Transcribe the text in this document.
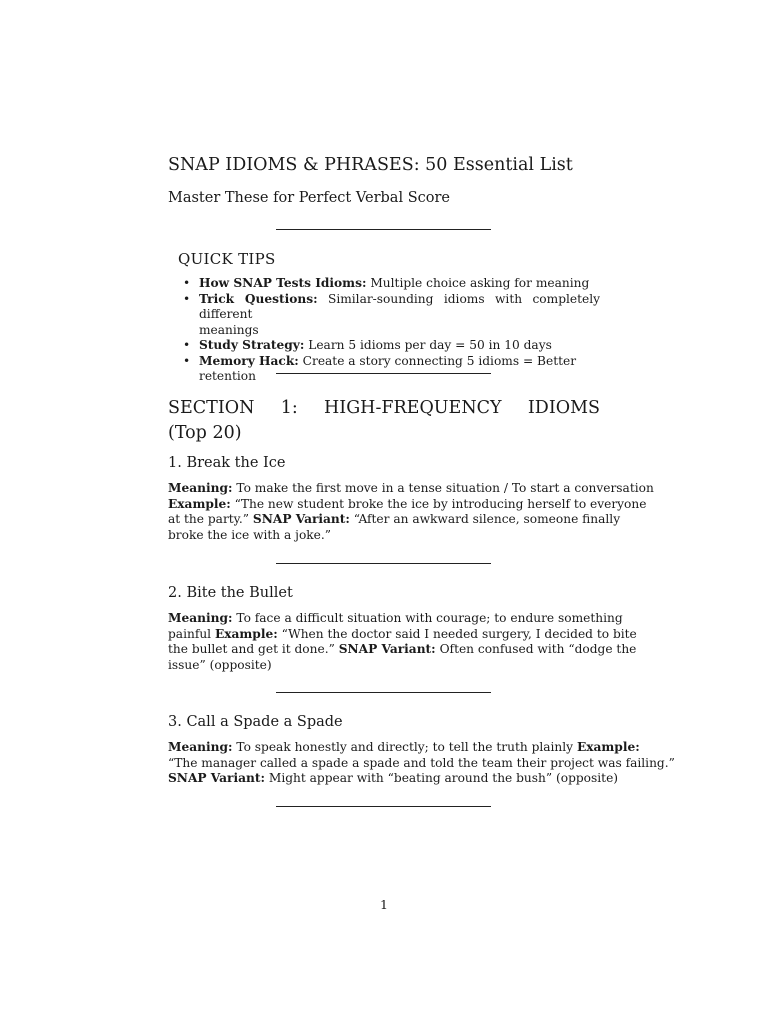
SNAP IDIOMS & PHRASES: 50 Essential List
Master These for Perfect Verbal Score
QUICK TIPS
• How SNAP Tests Idioms: Multiple choice asking for meaning
• Trick Questions: Similar-sounding idioms with completely different
meanings
• Study Strategy: Learn 5 idioms per day = 50 in 10 days
• Memory Hack: Create a story connecting 5 idioms = Better retention
SECTION 1: HIGH-FREQUENCY IDIOMS
(Top 20)
1. Break the Ice
Meaning: To make the first move in a tense situation / To start a conversation
Example: “The new student broke the ice by introducing herself to everyone
at the party.” SNAP Variant: “After an awkward silence, someone finally
broke the ice with a joke.”
2. Bite the Bullet
Meaning: To face a difficult situation with courage; to endure something
painful Example: “When the doctor said I needed surgery, I decided to bite
the bullet and get it done.” SNAP Variant: Often confused with “dodge the
issue” (opposite)
3. Call a Spade a Spade
Meaning: To speak honestly and directly; to tell the truth plainly Example:
“The manager called a spade a spade and told the team their project was failing.”
SNAP Variant: Might appear with “beating around the bush” (opposite)
1
